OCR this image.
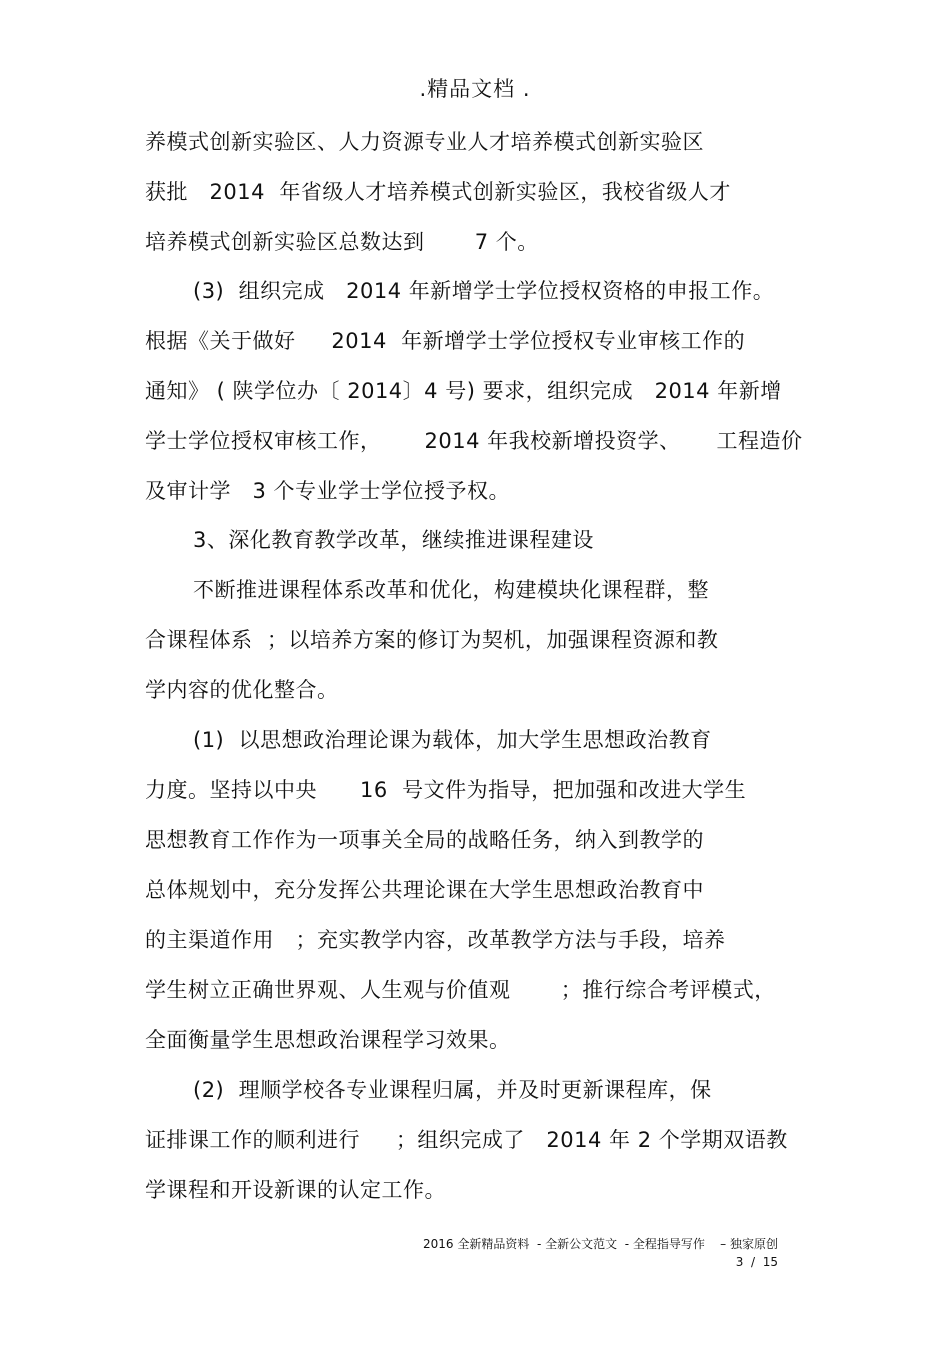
.精品文档 .
养模式创新实验区、人力资源专业人才培养模式创新实验区
获批   2014  年省级人才培养模式创新实验区，我校省级人才
培养模式创新实验区总数达到       7 个。
(3)  组织完成   2014 年新增学士学位授权资格的申报工作。
根据《关于做好     2014  年新增学士学位授权专业审核工作的
通知》 ( 陕学位办〔 2014〕4 号) 要求，组织完成   2014 年新增
学士学位授权审核工作，      2014 年我校新增投资学、     工程造价
及审计学   3 个专业学士学位授予权。
3、深化教育教学改革，继续推进课程建设
不断推进课程体系改革和优化，构建模块化课程群，整
合课程体系  ；以培养方案的修订为契机，加强课程资源和教
学内容的优化整合。
(1)  以思想政治理论课为载体，加大学生思想政治教育
力度。坚持以中央      16  号文件为指导，把加强和改进大学生
思想教育工作作为一项事关全局的战略任务，纳入到教学的
总体规划中，充分发挥公共理论课在大学生思想政治教育中
的主渠道作用   ；充实教学内容，改革教学方法与手段，培养
学生树立正确世界观、人生观与价值观       ；推行综合考评模式，
全面衡量学生思想政治课程学习效果。
(2)  理顺学校各专业课程归属，并及时更新课程库，保
证排课工作的顺利进行     ；组织完成了   2014 年 2 个学期双语教
学课程和开设新课的认定工作。
2016 全新精品资料  - 全新公文范文  - 全程指导写作    – 独家原创
3  /  15
